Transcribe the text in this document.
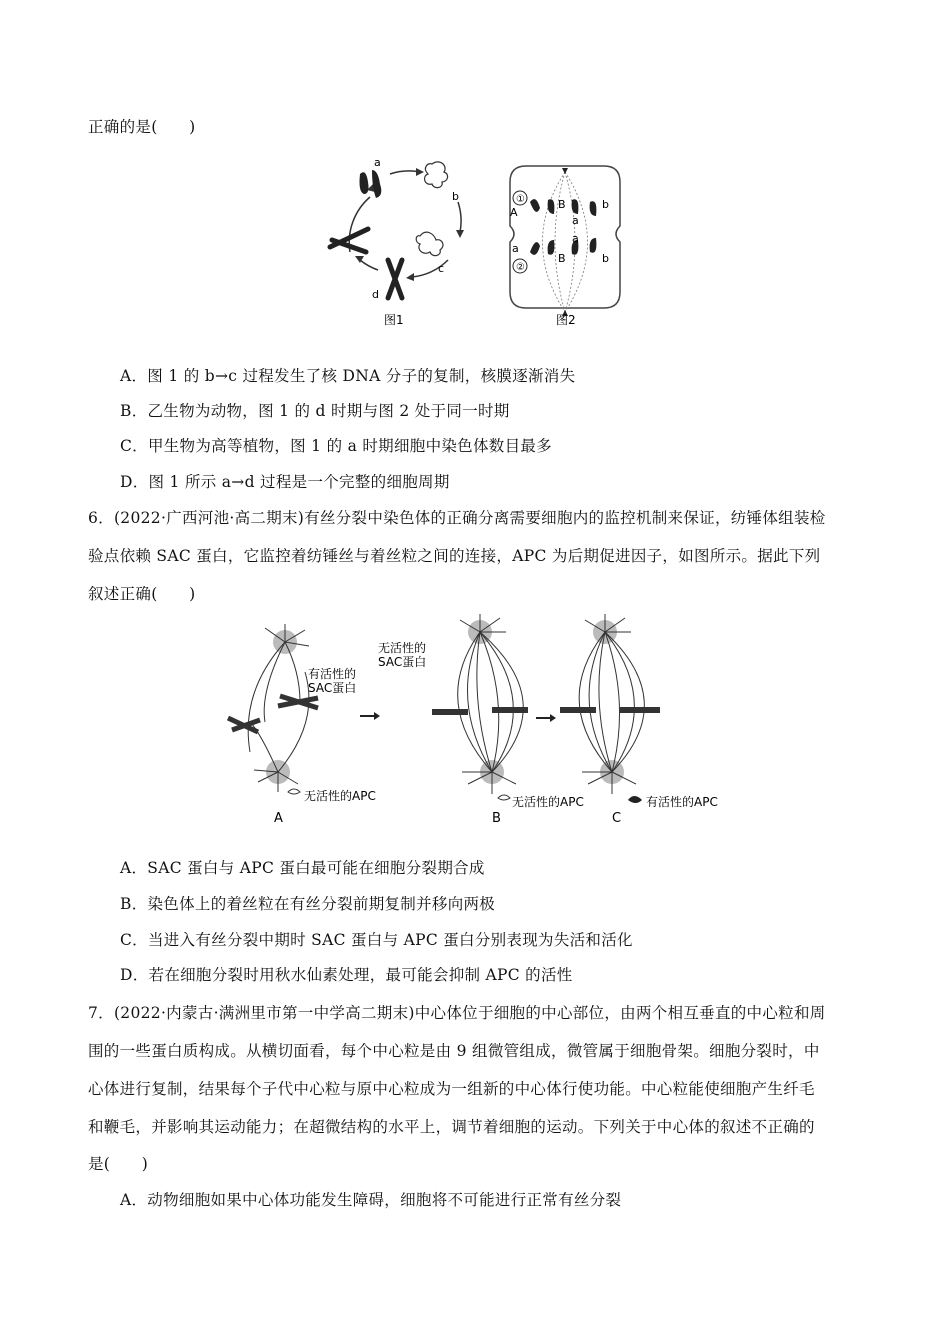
正确的是(　　)
a
b
c
d
图1
①
②
A
B	b
a
a
a
B	b
图2
A．图 1 的 b→c 过程发生了核 DNA 分子的复制，核膜逐渐消失
B．乙生物为动物，图 1 的 d 时期与图 2 处于同一时期
C．甲生物为高等植物，图 1 的 a 时期细胞中染色体数目最多
D．图 1 所示 a→d 过程是一个完整的细胞周期
6．(2022·广西河池·高二期末)有丝分裂中染色体的正确分离需要细胞内的监控机制来保证，纺锤体组装检
验点依赖 SAC 蛋白，它监控着纺锤丝与着丝粒之间的连接，APC 为后期促进因子，如图所示。据此下列
叙述正确(　　)
有活性的
SAC蛋白
无活性的APC
A
无活性的
SAC蛋白
无活性的APC
B
有活性的APC
C
A．SAC 蛋白与 APC 蛋白最可能在细胞分裂期合成
B．染色体上的着丝粒在有丝分裂前期复制并移向两极
C．当进入有丝分裂中期时 SAC 蛋白与 APC 蛋白分别表现为失活和活化
D．若在细胞分裂时用秋水仙素处理，最可能会抑制 APC 的活性
7．(2022·内蒙古·满洲里市第一中学高二期末)中心体位于细胞的中心部位，由两个相互垂直的中心粒和周
围的一些蛋白质构成。从横切面看，每个中心粒是由 9 组微管组成，微管属于细胞骨架。细胞分裂时，中
心体进行复制，结果每个子代中心粒与原中心粒成为一组新的中心体行使功能。中心粒能使细胞产生纤毛
和鞭毛，并影响其运动能力；在超微结构的水平上，调节着细胞的运动。下列关于中心体的叙述不正确的
是(　　)
A．动物细胞如果中心体功能发生障碍，细胞将不可能进行正常有丝分裂
